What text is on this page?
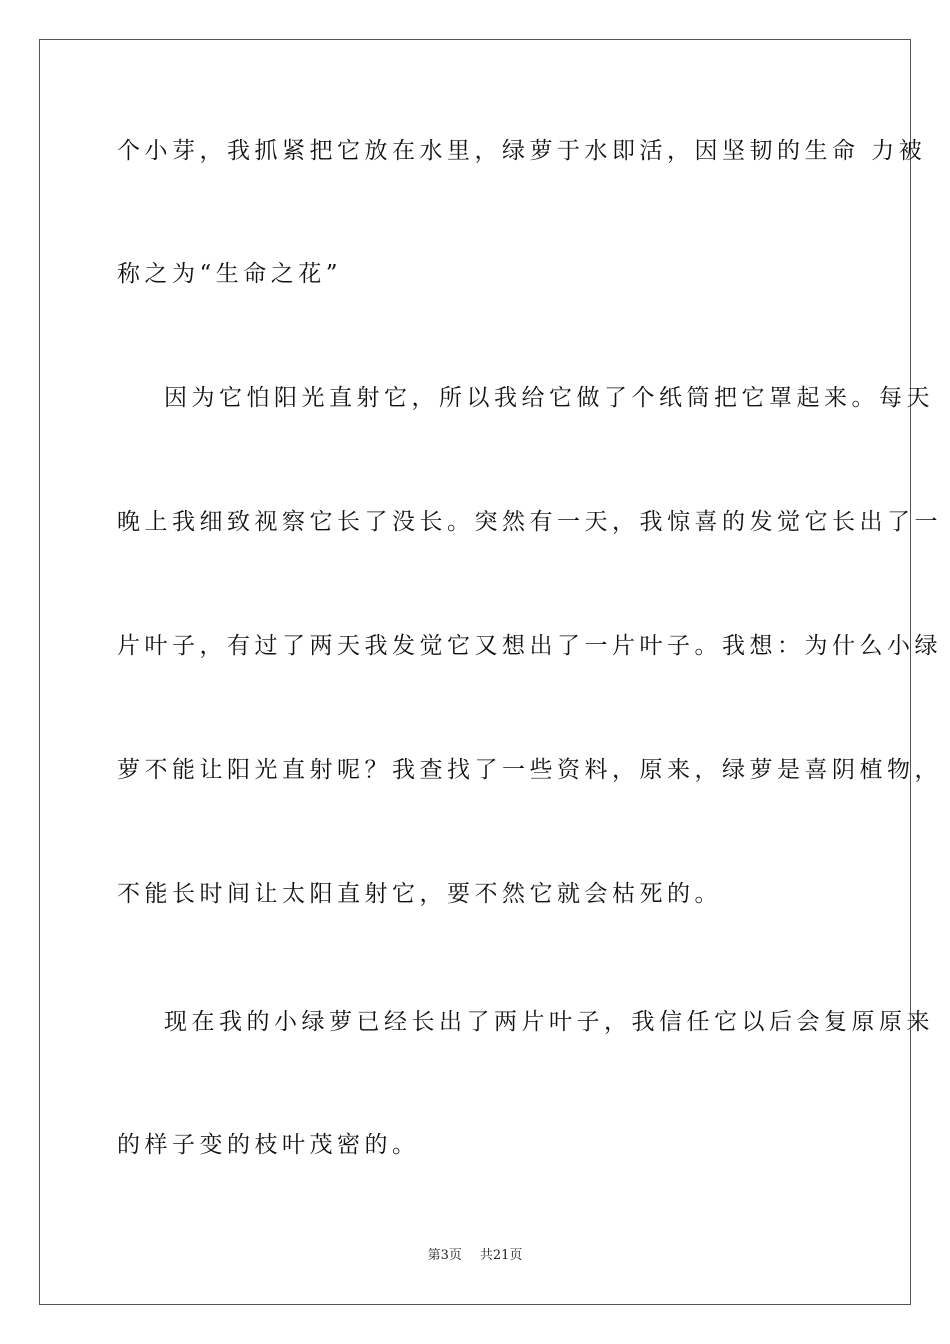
个小芽，我抓紧把它放在水里，绿萝于水即活，因坚韧的生命 力被
称之为“生命之花”
因为它怕阳光直射它，所以我给它做了个纸筒把它罩起来。每天
晚上我细致视察它长了没长。突然有一天，我惊喜的发觉它长出了一
片叶子，有过了两天我发觉它又想出了一片叶子。我想：为什么小绿
萝不能让阳光直射呢？我查找了一些资料，原来，绿萝是喜阴植物，
不能长时间让太阳直射它，要不然它就会枯死的。
现在我的小绿萝已经长出了两片叶子，我信任它以后会复原原来
的样子变的枝叶茂密的。
第3页 共21页
